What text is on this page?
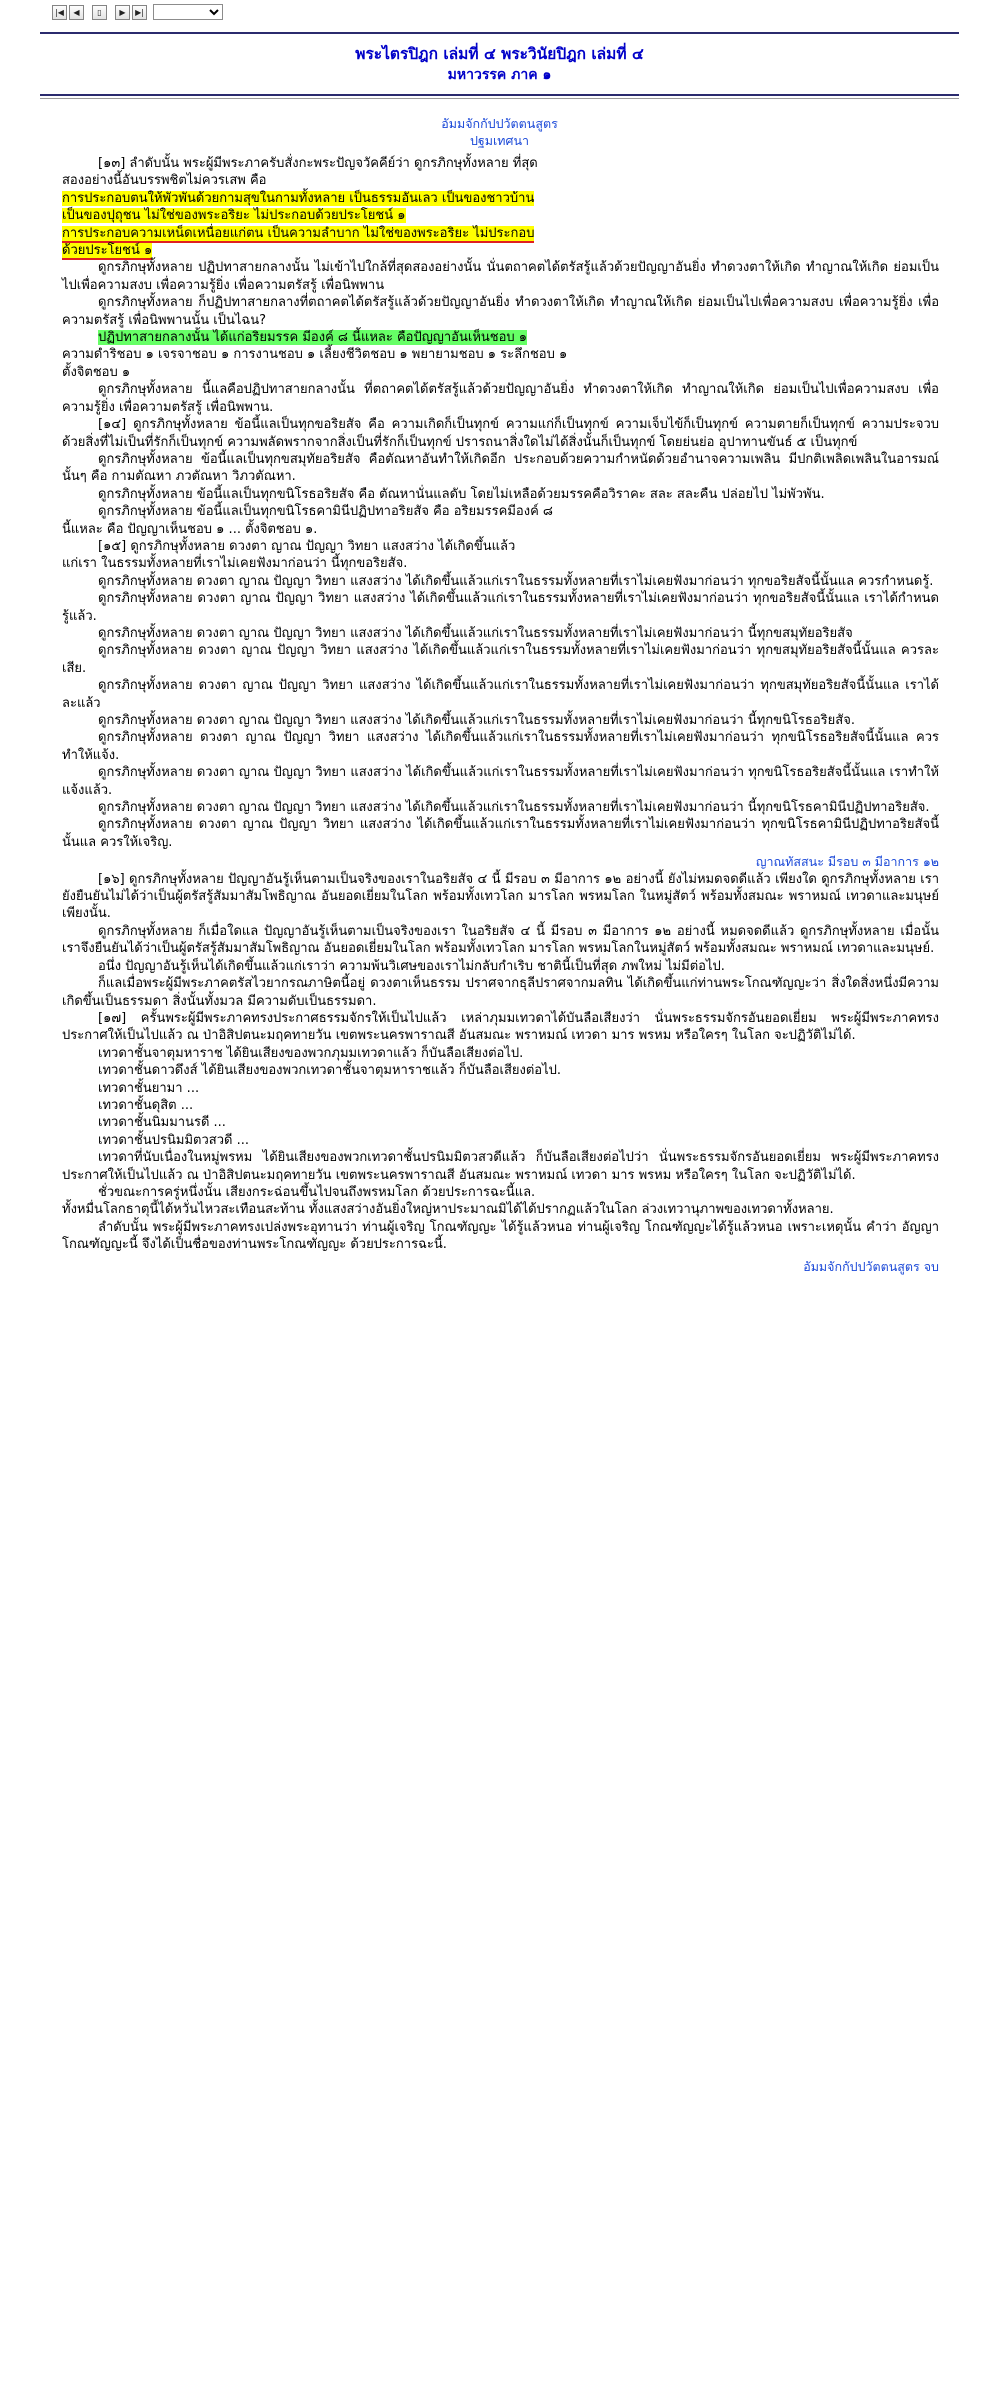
|◀	◀	▯	▶	▶|
พระไตรปิฎก เล่มที่ ๔ พระวินัยปิฎก เล่มที่ ๔
มหาวรรค ภาค ๑
อัมมจักกัปปวัตตนสูตร
ปฐมเทศนา

[๑๓] ลำดับนั้น พระผู้มีพระภาครับสั่งกะพระปัญจวัคคีย์ว่า ดูกรภิกษุทั้งหลาย ที่สุด

สองอย่างนี้อันบรรพชิตไม่ควรเสพ คือ

การประกอบตนให้พัวพันด้วยกามสุขในกามทั้งหลาย เป็นธรรมอันเลว เป็นของชาวบ้าน

เป็นของปุถุชน ไม่ใช่ของพระอริยะ ไม่ประกอบด้วยประโยชน์ ๑

การประกอบความเหน็ดเหนื่อยแก่ตน เป็นความลำบาก ไม่ใช่ของพระอริยะ ไม่ประกอบ

ด้วยประโยชน์ ๑

ดูกรภิกษุทั้งหลาย ปฏิปทาสายกลางนั้น ไม่เข้าไปใกล้ที่สุดสองอย่างนั้น นั่นตถาคตได้ตรัสรู้แล้วด้วยปัญญาอันยิ่ง ทำดวงตาให้เกิด ทำญาณให้เกิด ย่อมเป็นไปเพื่อความสงบ เพื่อความรู้ยิ่ง เพื่อความตรัสรู้ เพื่อนิพพาน

ดูกรภิกษุทั้งหลาย ก็ปฏิปทาสายกลางที่ตถาคตได้ตรัสรู้แล้วด้วยปัญญาอันยิ่ง ทำดวงตาให้เกิด ทำญาณให้เกิด ย่อมเป็นไปเพื่อความสงบ เพื่อความรู้ยิ่ง เพื่อความตรัสรู้ เพื่อนิพพานนั้น เป็นไฉน?

ปฏิปทาสายกลางนั้น ได้แก่อริยมรรค มีองค์ ๘ นี้แหละ คือปัญญาอันเห็นชอบ ๑

ความดำริชอบ ๑ เจรจาชอบ ๑ การงานชอบ ๑ เลี้ยงชีวิตชอบ ๑ พยายามชอบ ๑ ระลึกชอบ ๑

ตั้งจิตชอบ ๑

ดูกรภิกษุทั้งหลาย นี้แลคือปฏิปทาสายกลางนั้น ที่ตถาคตได้ตรัสรู้แล้วด้วยปัญญาอันยิ่ง ทำดวงตาให้เกิด ทำญาณให้เกิด ย่อมเป็นไปเพื่อความสงบ เพื่อความรู้ยิ่ง เพื่อความตรัสรู้ เพื่อนิพพาน.

[๑๔] ดูกรภิกษุทั้งหลาย ข้อนี้แลเป็นทุกขอริยสัจ คือ ความเกิดก็เป็นทุกข์ ความแก่ก็เป็นทุกข์ ความเจ็บไข้ก็เป็นทุกข์ ความตายก็เป็นทุกข์ ความประจวบด้วยสิ่งที่ไม่เป็นที่รักก็เป็นทุกข์ ความพลัดพรากจากสิ่งเป็นที่รักก็เป็นทุกข์ ปรารถนาสิ่งใดไม่ได้สิ่งนั้นก็เป็นทุกข์ โดยย่นย่อ อุปาทานขันธ์ ๕ เป็นทุกข์

ดูกรภิกษุทั้งหลาย ข้อนี้แลเป็นทุกขสมุทัยอริยสัจ คือตัณหาอันทำให้เกิดอีก ประกอบด้วยความกำหนัดด้วยอำนาจความเพลิน มีปกติเพลิดเพลินในอารมณ์นั้นๆ คือ กามตัณหา ภวตัณหา วิภวตัณหา.

ดูกรภิกษุทั้งหลาย ข้อนี้แลเป็นทุกขนิโรธอริยสัจ คือ ตัณหานั่นแลดับ โดยไม่เหลือด้วยมรรคคือวิราคะ สละ สละคืน ปล่อยไป ไม่พัวพัน.

ดูกรภิกษุทั้งหลาย ข้อนี้แลเป็นทุกขนิโรธคามินีปฏิปทาอริยสัจ คือ อริยมรรคมีองค์ ๘

นี้แหละ คือ ปัญญาเห็นชอบ ๑ ... ตั้งจิตชอบ ๑.

[๑๕] ดูกรภิกษุทั้งหลาย ดวงตา ญาณ ปัญญา วิทยา แสงสว่าง ได้เกิดขึ้นแล้ว

แก่เรา ในธรรมทั้งหลายที่เราไม่เคยฟังมาก่อนว่า นี้ทุกขอริยสัจ.

ดูกรภิกษุทั้งหลาย ดวงตา ญาณ ปัญญา วิทยา แสงสว่าง ได้เกิดขึ้นแล้วแก่เราในธรรมทั้งหลายที่เราไม่เคยฟังมาก่อนว่า ทุกขอริยสัจนี้นั้นแล ควรกำหนดรู้.

ดูกรภิกษุทั้งหลาย ดวงตา ญาณ ปัญญา วิทยา แสงสว่าง ได้เกิดขึ้นแล้วแก่เราในธรรมทั้งหลายที่เราไม่เคยฟังมาก่อนว่า ทุกขอริยสัจนี้นั้นแล เราได้กำหนดรู้แล้ว.

ดูกรภิกษุทั้งหลาย ดวงตา ญาณ ปัญญา วิทยา แสงสว่าง ได้เกิดขึ้นแล้วแก่เราในธรรมทั้งหลายที่เราไม่เคยฟังมาก่อนว่า นี้ทุกขสมุทัยอริยสัจ

ดูกรภิกษุทั้งหลาย ดวงตา ญาณ ปัญญา วิทยา แสงสว่าง ได้เกิดขึ้นแล้วแก่เราในธรรมทั้งหลายที่เราไม่เคยฟังมาก่อนว่า ทุกขสมุทัยอริยสัจนี้นั้นแล ควรละเสีย.

ดูกรภิกษุทั้งหลาย ดวงตา ญาณ ปัญญา วิทยา แสงสว่าง ได้เกิดขึ้นแล้วแก่เราในธรรมทั้งหลายที่เราไม่เคยฟังมาก่อนว่า ทุกขสมุทัยอริยสัจนี้นั้นแล เราได้ละแล้ว

ดูกรภิกษุทั้งหลาย ดวงตา ญาณ ปัญญา วิทยา แสงสว่าง ได้เกิดขึ้นแล้วแก่เราในธรรมทั้งหลายที่เราไม่เคยฟังมาก่อนว่า นี้ทุกขนิโรธอริยสัจ.

ดูกรภิกษุทั้งหลาย ดวงตา ญาณ ปัญญา วิทยา แสงสว่าง ได้เกิดขึ้นแล้วแก่เราในธรรมทั้งหลายที่เราไม่เคยฟังมาก่อนว่า ทุกขนิโรธอริยสัจนี้นั้นแล ควรทำให้แจ้ง.

ดูกรภิกษุทั้งหลาย ดวงตา ญาณ ปัญญา วิทยา แสงสว่าง ได้เกิดขึ้นแล้วแก่เราในธรรมทั้งหลายที่เราไม่เคยฟังมาก่อนว่า ทุกขนิโรธอริยสัจนี้นั้นแล เราทำให้แจ้งแล้ว.

ดูกรภิกษุทั้งหลาย ดวงตา ญาณ ปัญญา วิทยา แสงสว่าง ได้เกิดขึ้นแล้วแก่เราในธรรมทั้งหลายที่เราไม่เคยฟังมาก่อนว่า นี้ทุกขนิโรธคามินีปฏิปทาอริยสัจ.

ดูกรภิกษุทั้งหลาย ดวงตา ญาณ ปัญญา วิทยา แสงสว่าง ได้เกิดขึ้นแล้วแก่เราในธรรมทั้งหลายที่เราไม่เคยฟังมาก่อนว่า ทุกขนิโรธคามินีปฏิปทาอริยสัจนี้นั้นแล ควรให้เจริญ.

ญาณทัสสนะ มีรอบ ๓ มีอาการ ๑๒

[๑๖] ดูกรภิกษุทั้งหลาย ปัญญาอันรู้เห็นตามเป็นจริงของเราในอริยสัจ ๔ นี้ มีรอบ ๓ มีอาการ ๑๒ อย่างนี้ ยังไม่หมดจดดีแล้ว เพียงใด ดูกรภิกษุทั้งหลาย เรายังยืนยันไม่ได้ว่าเป็นผู้ตรัสรู้สัมมาสัมโพธิญาณ อันยอดเยี่ยมในโลก พร้อมทั้งเทวโลก มารโลก พรหมโลก ในหมู่สัตว์ พร้อมทั้งสมณะ พราหมณ์ เทวดาและมนุษย์ เพียงนั้น.

ดูกรภิกษุทั้งหลาย ก็เมื่อใดแล ปัญญาอันรู้เห็นตามเป็นจริงของเรา ในอริยสัจ ๔ นี้ มีรอบ ๓ มีอาการ ๑๒ อย่างนี้ หมดจดดีแล้ว ดูกรภิกษุทั้งหลาย เมื่อนั้น เราจึงยืนยันได้ว่าเป็นผู้ตรัสรู้สัมมาสัมโพธิญาณ อันยอดเยี่ยมในโลก พร้อมทั้งเทวโลก มารโลก พรหมโลกในหมู่สัตว์ พร้อมทั้งสมณะ พราหมณ์ เทวดาและมนุษย์.

อนึ่ง ปัญญาอันรู้เห็นได้เกิดขึ้นแล้วแก่เราว่า ความพ้นวิเศษของเราไม่กลับกำเริบ ชาตินี้เป็นที่สุด ภพใหม่ ไม่มีต่อไป.

ก็แลเมื่อพระผู้มีพระภาคตรัสไวยากรณภาษิตนี้อยู่ ดวงตาเห็นธรรม ปราศจากธุลีปราศจากมลทิน ได้เกิดขึ้นแก่ท่านพระโกณฑัญญะว่า สิ่งใดสิ่งหนึ่งมีความเกิดขึ้นเป็นธรรมดา สิ่งนั้นทั้งมวล มีความดับเป็นธรรมดา.

[๑๗] ครั้นพระผู้มีพระภาคทรงประกาศธรรมจักรให้เป็นไปแล้ว เหล่าภุมมเทวดาได้บันลือเสียงว่า นั่นพระธรรมจักรอันยอดเยี่ยม พระผู้มีพระภาคทรงประกาศให้เป็นไปแล้ว ณ ป่าอิสิปตนะมฤคทายวัน เขตพระนครพาราณสี อันสมณะ พราหมณ์ เทวดา มาร พรหม หรือใครๆ ในโลก จะปฏิวัติไม่ได้.

เทวดาชั้นจาตุมหาราช ได้ยินเสียงของพวกภุมมเทวดาแล้ว ก็บันลือเสียงต่อไป.

เทวดาชั้นดาวดึงส์ ได้ยินเสียงของพวกเทวดาชั้นจาตุมหาราชแล้ว ก็บันลือเสียงต่อไป.

เทวดาชั้นยามา ...

เทวดาชั้นดุสิต ...

เทวดาชั้นนิมมานรดี ...

เทวดาชั้นปรนิมมิตวสวดี ...

เทวดาที่นับเนื่องในหมู่พรหม ได้ยินเสียงของพวกเทวดาชั้นปรนิมมิตวสวดีแล้ว ก็บันลือเสียงต่อไปว่า นั่นพระธรรมจักรอันยอดเยี่ยม พระผู้มีพระภาคทรงประกาศให้เป็นไปแล้ว ณ ป่าอิสิปตนะมฤคทายวัน เขตพระนครพาราณสี อันสมณะ พราหมณ์ เทวดา มาร พรหม หรือใครๆ ในโลก จะปฏิวัติไม่ได้.

ชั่วขณะการครู่หนึ่งนั้น เสียงกระฉ่อนขึ้นไปจนถึงพรหมโลก ด้วยประการฉะนี้แล.

ทั้งหมื่นโลกธาตุนี้ได้หวั่นไหวสะเทือนสะท้าน ทั้งแสงสว่างอันยิ่งใหญ่หาประมาณมิได้ได้ปรากฏแล้วในโลก ล่วงเทวานุภาพของเทวดาทั้งหลาย.

ลำดับนั้น พระผู้มีพระภาคทรงเปล่งพระอุทานว่า ท่านผู้เจริญ โกณฑัญญะ ได้รู้แล้วหนอ ท่านผู้เจริญ โกณฑัญญะได้รู้แล้วหนอ เพราะเหตุนั้น คำว่า อัญญาโกณฑัญญะนี้ จึงได้เป็นชื่อของท่านพระโกณฑัญญะ ด้วยประการฉะนี้.

อัมมจักกัปปวัตตนสูตร จบ
